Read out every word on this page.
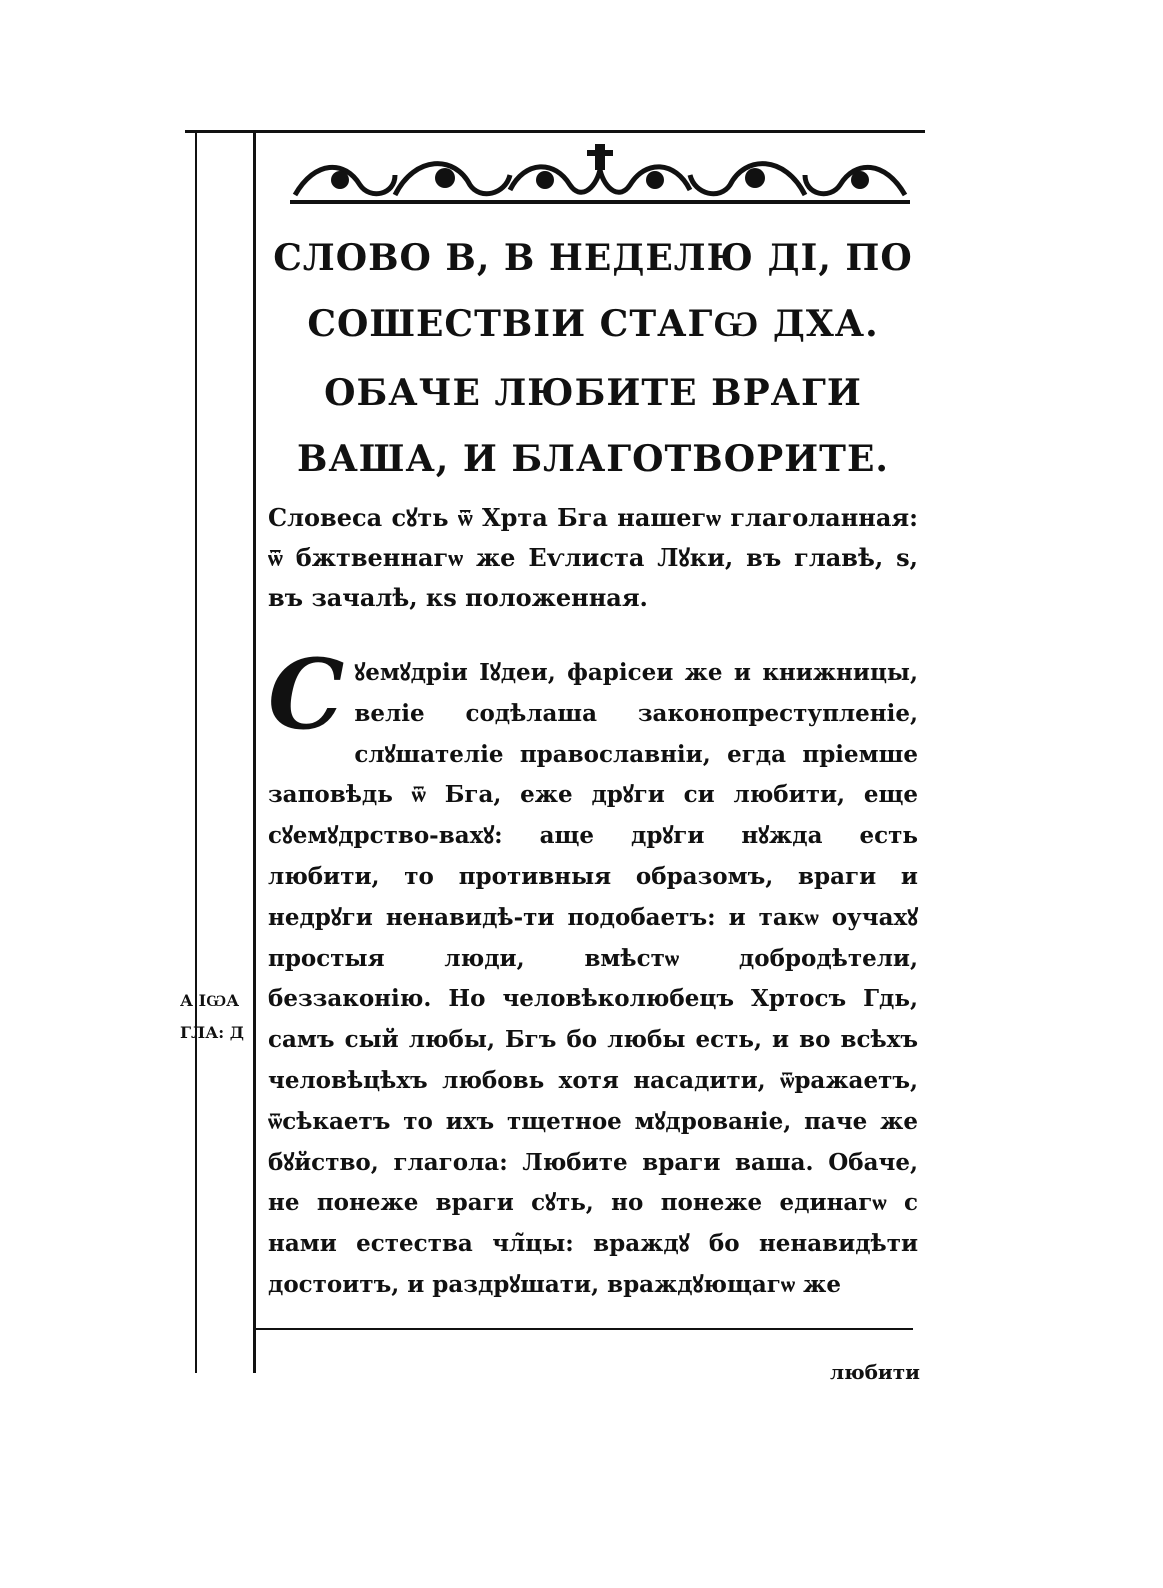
СЛОВО В, В НЕДЕЛЮ ДІ, ПО СОШЕСТВІИ СТАГѠ ДХА.
ОБАЧЕ ЛЮБИТЕ ВРАГИ ВАША, И БЛАГОТВОРИТЕ.
Словеса сꙋть ѿ Хрта Бга нашегѡ глаголанная: ѿ бжтвеннагѡ же Еѵлиста Лꙋки, въ главѣ, ѕ, въ зачалѣ, кѕ положенная.
С ꙋемꙋдріи Іꙋдеи, фарісеи же и книжницы, веліе содѣлаша законопреступленіе, слꙋшателіе православніи, егда пріемше заповѣдь ѿ Бга, еже дрꙋги си любити, еще сꙋемꙋдрство-вахꙋ: аще дрꙋги нꙋжда есть любити, то противныя образомъ, враги и недрꙋги ненавидѣ-ти подобаетъ: и такѡ оучахꙋ простыя люди, вмѣстѡ добродѣтели, беззаконію. Но человѣколюбецъ Хртосъ Гдь, самъ сый любы, Бгъ бо любы есть, и во всѣхъ человѣцѣхъ любовь хотя насадити, ѿражаетъ, ѿсѣкаетъ то ихъ тщетное мꙋдрованіе, паче же бꙋйство, глагола: Любите враги ваша. Обаче, не понеже враги сꙋть, но понеже единагѡ с нами естества чл̃цы: враждꙋ бо ненавидѣти достоитъ, и раздрꙋшати, враждꙋющагѡ же
А ІѠА
ГЛА: Д
любити
